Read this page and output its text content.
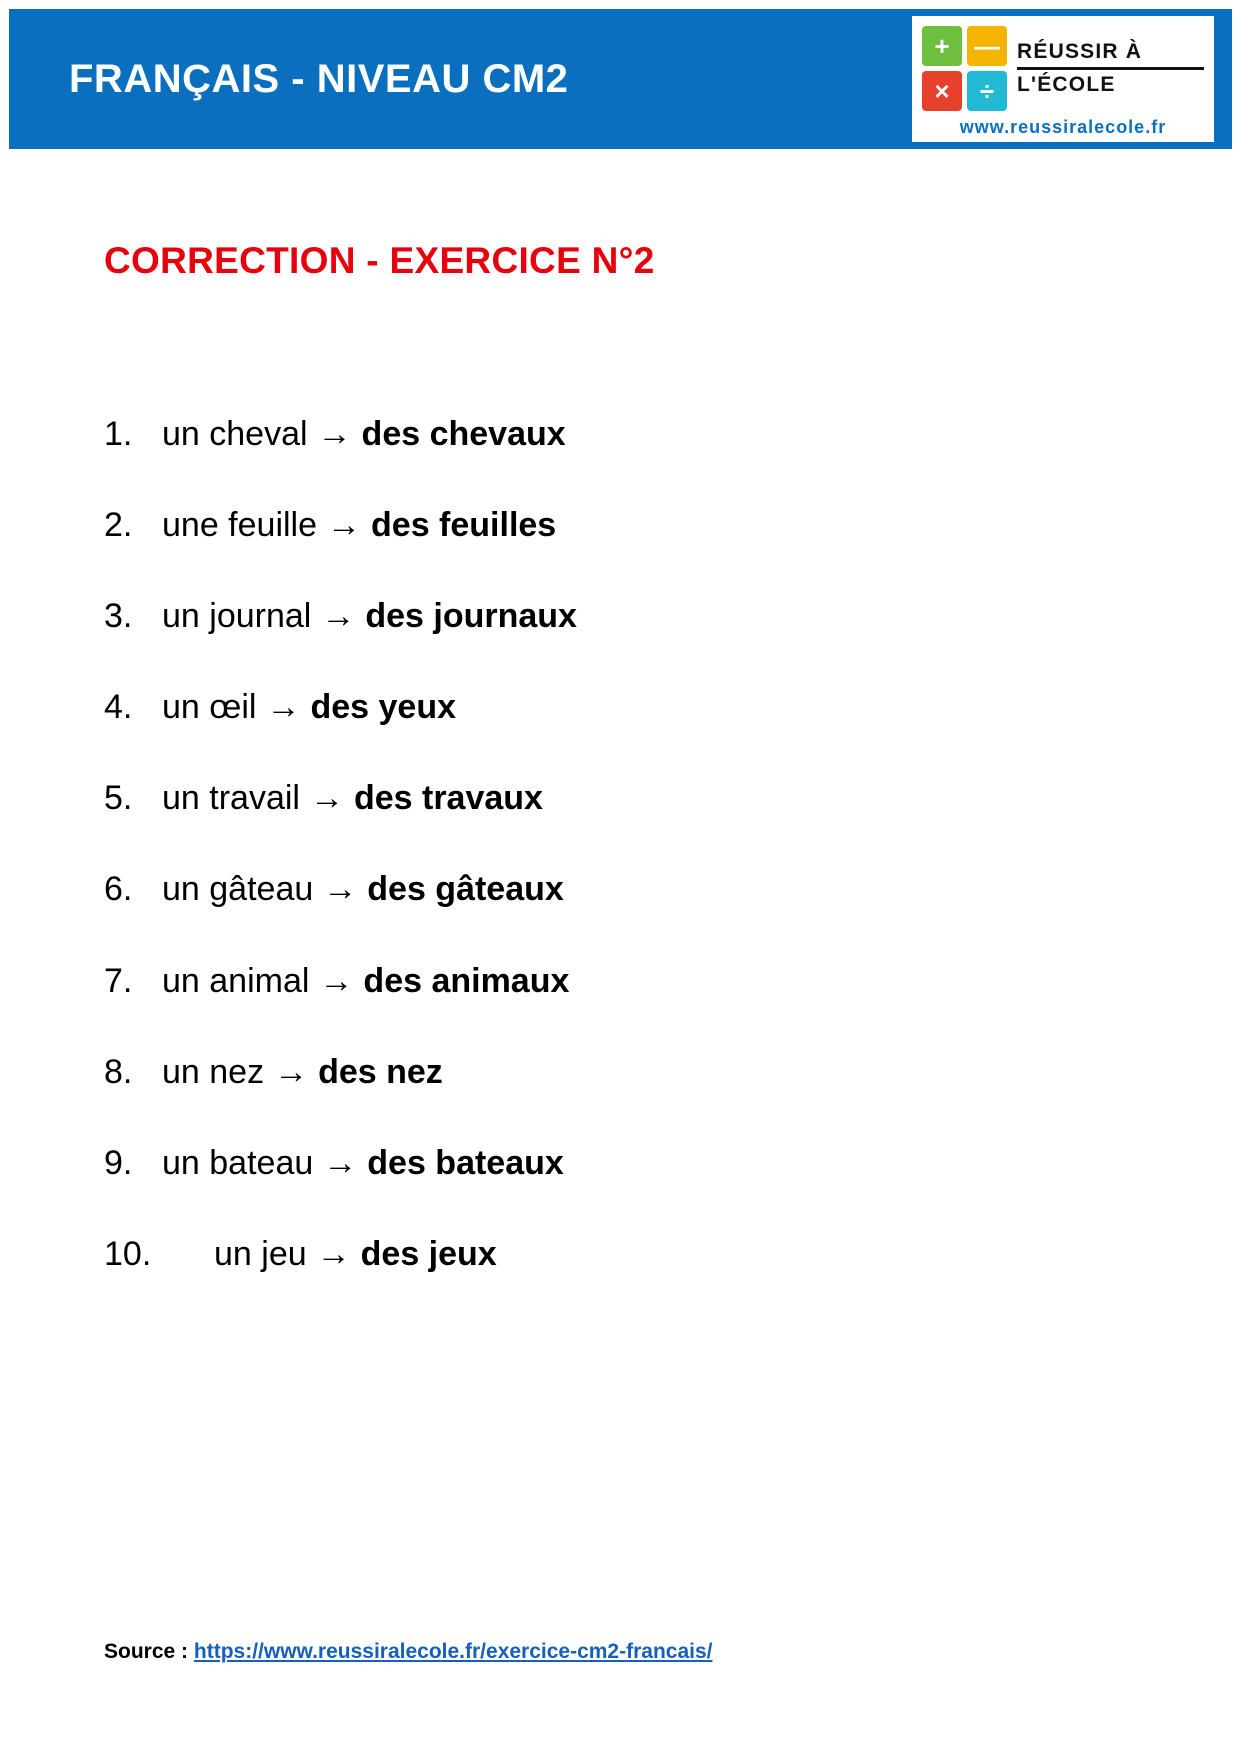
FRANÇAIS - NIVEAU CM2
+ —
×	÷
RÉUSSIR À
L'ÉCOLE
www.reussiralecole.fr
CORRECTION - EXERCICE N°2
1. un cheval → des chevaux
2. une feuille → des feuilles
3. un journal → des journaux
4. un œil → des yeux
5. un travail → des travaux
6. un gâteau → des gâteaux
7. un animal → des animaux
8. un nez → des nez
9. un bateau → des bateaux
10.	un jeu → des jeux
Source : https://www.reussiralecole.fr/exercice-cm2-francais/
